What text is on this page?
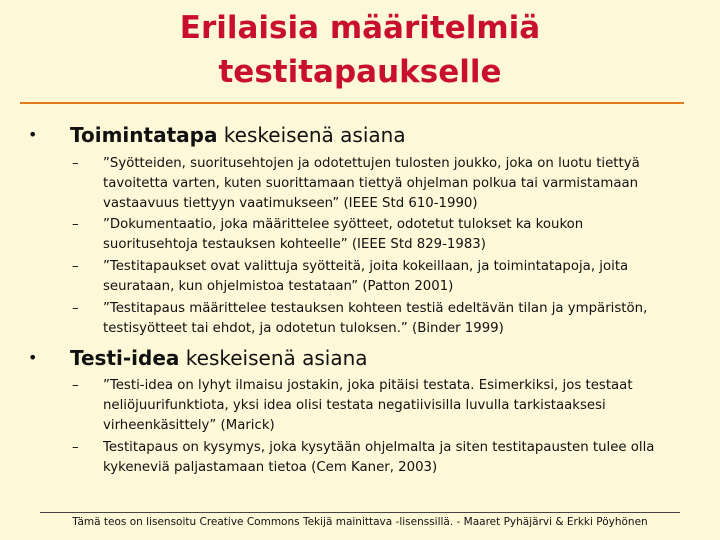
Erilaisia määritelmiä
testitapaukselle
• Toimintatapa keskeisenä asiana
– ”Syötteiden, suoritusehtojen ja odotettujen tulosten joukko, joka on luotu tiettyä tavoitetta varten, kuten suorittamaan tiettyä ohjelman polkua tai varmistamaan vastaavuus tiettyyn vaatimukseen” (IEEE Std 610-1990)
– ”Dokumentaatio, joka määrittelee syötteet, odotetut tulokset ka koukon suoritusehtoja testauksen kohteelle” (IEEE Std 829-1983)
– ”Testitapaukset ovat valittuja syötteitä, joita kokeillaan, ja toimintatapoja, joita seurataan, kun ohjelmistoa testataan” (Patton 2001)
– ”Testitapaus määrittelee testauksen kohteen testiä edeltävän tilan ja ympäristön, testisyötteet tai ehdot, ja odotetun tuloksen.” (Binder 1999)
• Testi-idea keskeisenä asiana
– ”Testi-idea on lyhyt ilmaisu jostakin, joka pitäisi testata. Esimerkiksi, jos testaat neliöjuurifunktiota, yksi idea olisi testata negatiivisilla luvulla tarkistaaksesi virheenkäsittely” (Marick)
– Testitapaus on kysymys, joka kysytään ohjelmalta ja siten testitapausten tulee olla kykeneviä paljastamaan tietoa (Cem Kaner, 2003)
Tämä teos on lisensoitu Creative Commons Tekijä mainittava -lisenssillä. - Maaret Pyhäjärvi & Erkki Pöyhönen
